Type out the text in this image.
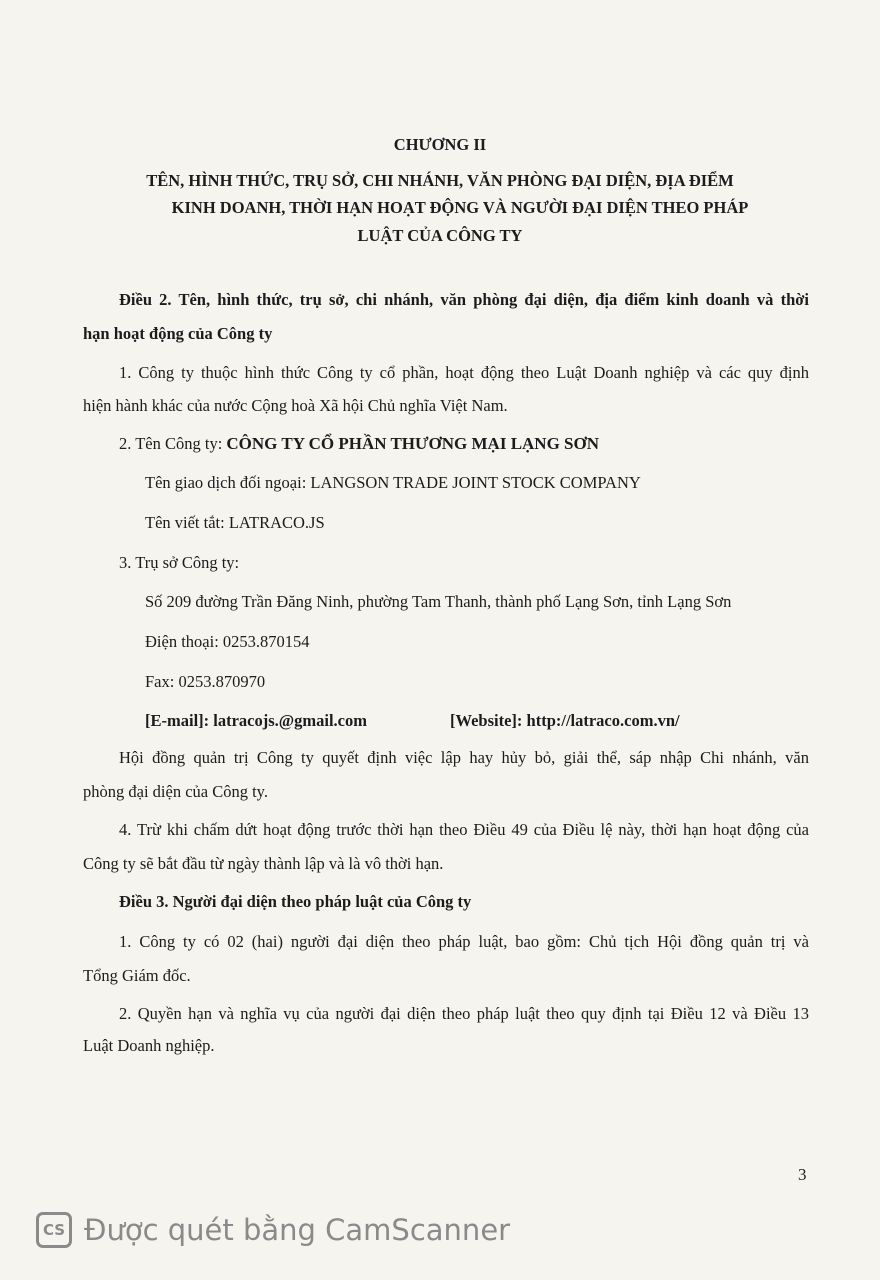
CHƯƠNG II
TÊN, HÌNH THỨC, TRỤ SỞ, CHI NHÁNH, VĂN PHÒNG ĐẠI DIỆN, ĐỊA ĐIỂM
KINH DOANH, THỜI HẠN HOẠT ĐỘNG VÀ NGƯỜI ĐẠI DIỆN THEO PHÁP
LUẬT CỦA CÔNG TY
Điều 2. Tên, hình thức, trụ sở, chi nhánh, văn phòng đại diện, địa điểm kinh doanh và thời
hạn hoạt động của Công ty
1. Công ty thuộc hình thức Công ty cổ phần, hoạt động theo Luật Doanh nghiệp và các quy định
hiện hành khác của nước Cộng hoà Xã hội Chủ nghĩa Việt Nam.
2. Tên Công ty: CÔNG TY CỔ PHẦN THƯƠNG MẠI LẠNG SƠN
Tên giao dịch đối ngoại: LANGSON TRADE JOINT STOCK COMPANY
Tên viết tắt: LATRACO.JS
3. Trụ sở Công ty:
Số 209 đường Trần Đăng Ninh, phường Tam Thanh, thành phố Lạng Sơn, tỉnh Lạng Sơn
Điện thoại: 0253.870154
Fax: 0253.870970
[E-mail]: latracojs.@gmail.com	[Website]: http://latraco.com.vn/
Hội đồng quản trị Công ty quyết định việc lập hay hủy bỏ, giải thể, sáp nhập Chi nhánh, văn
phòng đại diện của Công ty.
4. Trừ khi chấm dứt hoạt động trước thời hạn theo Điều 49 của Điều lệ này, thời hạn hoạt động của
Công ty sẽ bắt đầu từ ngày thành lập và là vô thời hạn.
Điều 3. Người đại diện theo pháp luật của Công ty
1. Công ty có 02 (hai) người đại diện theo pháp luật, bao gồm: Chủ tịch Hội đồng quản trị và
Tổng Giám đốc.
2. Quyền hạn và nghĩa vụ của người đại diện theo pháp luật theo quy định tại Điều 12 và Điều 13
Luật Doanh nghiệp.
3
CS Được quét bằng CamScanner
